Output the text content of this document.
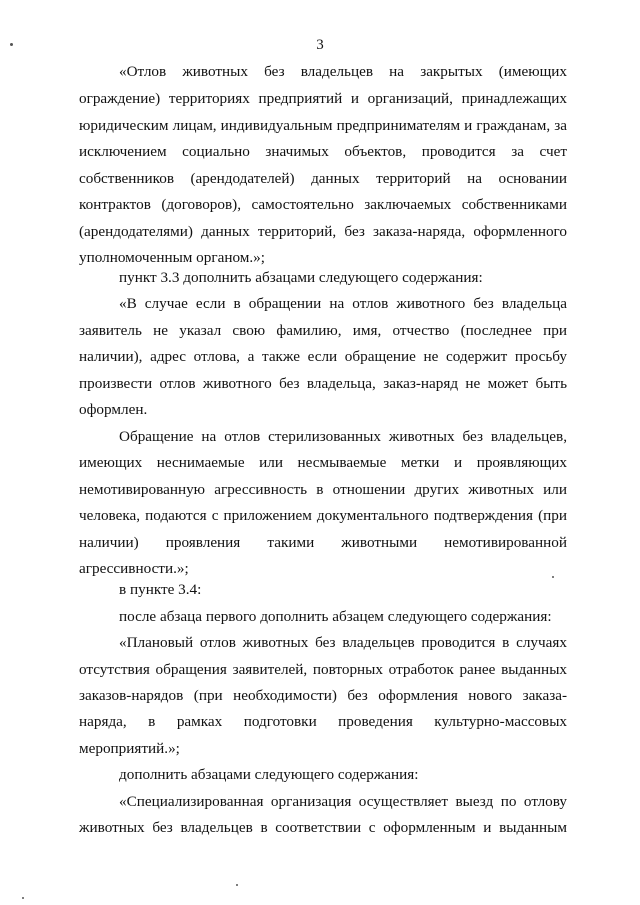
3
«Отлов животных без владельцев на закрытых (имеющих
ограждение) территориях предприятий и организаций, принадлежащих
юридическим лицам, индивидуальным предпринимателям и гражданам, за
исключением социально значимых объектов, проводится за счет
собственников (арендодателей) данных территорий на основании
контрактов (договоров), самостоятельно заключаемых собственниками
(арендодателями) данных территорий, без заказа-наряда, оформленного
уполномоченным органом.»;
пункт 3.3 дополнить абзацами следующего содержания:
«В случае если в обращении на отлов животного без владельца
заявитель не указал свою фамилию, имя, отчество (последнее при
наличии), адрес отлова, а также если обращение не содержит просьбу
произвести отлов животного без владельца, заказ-наряд не может быть
оформлен.
Обращение на отлов стерилизованных животных без владельцев,
имеющих неснимаемые или несмываемые метки и проявляющих
немотивированную агрессивность в отношении других животных или
человека, подаются с приложением документального подтверждения (при
наличии) проявления такими животными немотивированной
агрессивности.»;
в пункте 3.4:
после абзаца первого дополнить абзацем следующего содержания:
«Плановый отлов животных без владельцев проводится в случаях
отсутствия обращения заявителей, повторных отработок ранее выданных
заказов-нарядов (при необходимости) без оформления нового заказа-
наряда, в рамках подготовки проведения культурно-массовых
мероприятий.»;
дополнить абзацами следующего содержания:
«Специализированная организация осуществляет выезд по отлову
животных без владельцев в соответствии с оформленным и выданным
